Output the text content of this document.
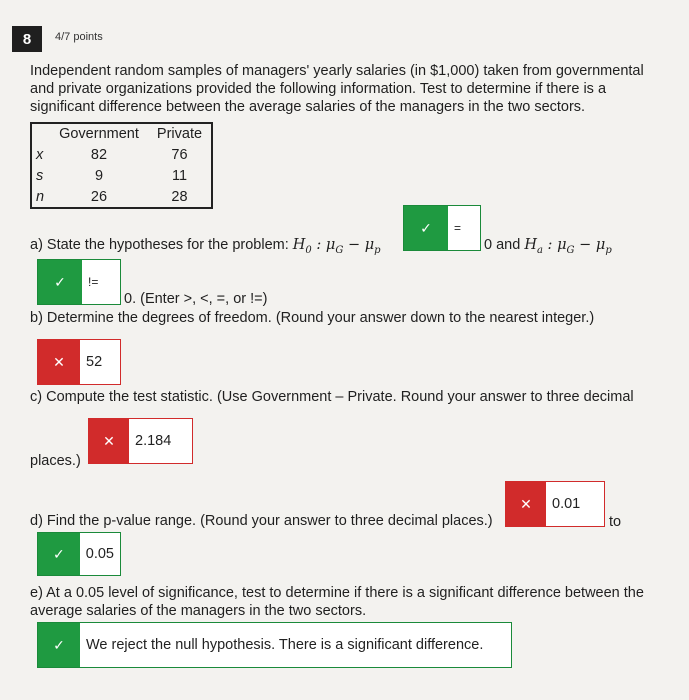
8	4/7 points
Independent random samples of managers' yearly salaries (in $1,000) taken from governmental and private organizations provided the following information. Test to determine if there is a significant difference between the average salaries of the managers in the two sectors.
	Government	Private
x	82	76
s	9	11
n	26	28
a) State the hypotheses for the problem: $H_0$ : $\mu_G - \mu_p$
✓	=
0 and $H_a$ : $\mu_G - \mu_p$
✓	!=
0. (Enter >, <, =, or !=)
b) Determine the degrees of freedom. (Round your answer down to the nearest integer.)
✕	52
c) Compute the test statistic. (Use Government – Private. Round your answer to three decimal
✕	2.184
places.)
d) Find the p-value range. (Round your answer to three decimal places.)
✕	0.01
to
✓	0.05
e) At a 0.05 level of significance, test to determine if there is a significant difference between the average salaries of the managers in the two sectors.
✓	We reject the null hypothesis. There is a significant difference.
